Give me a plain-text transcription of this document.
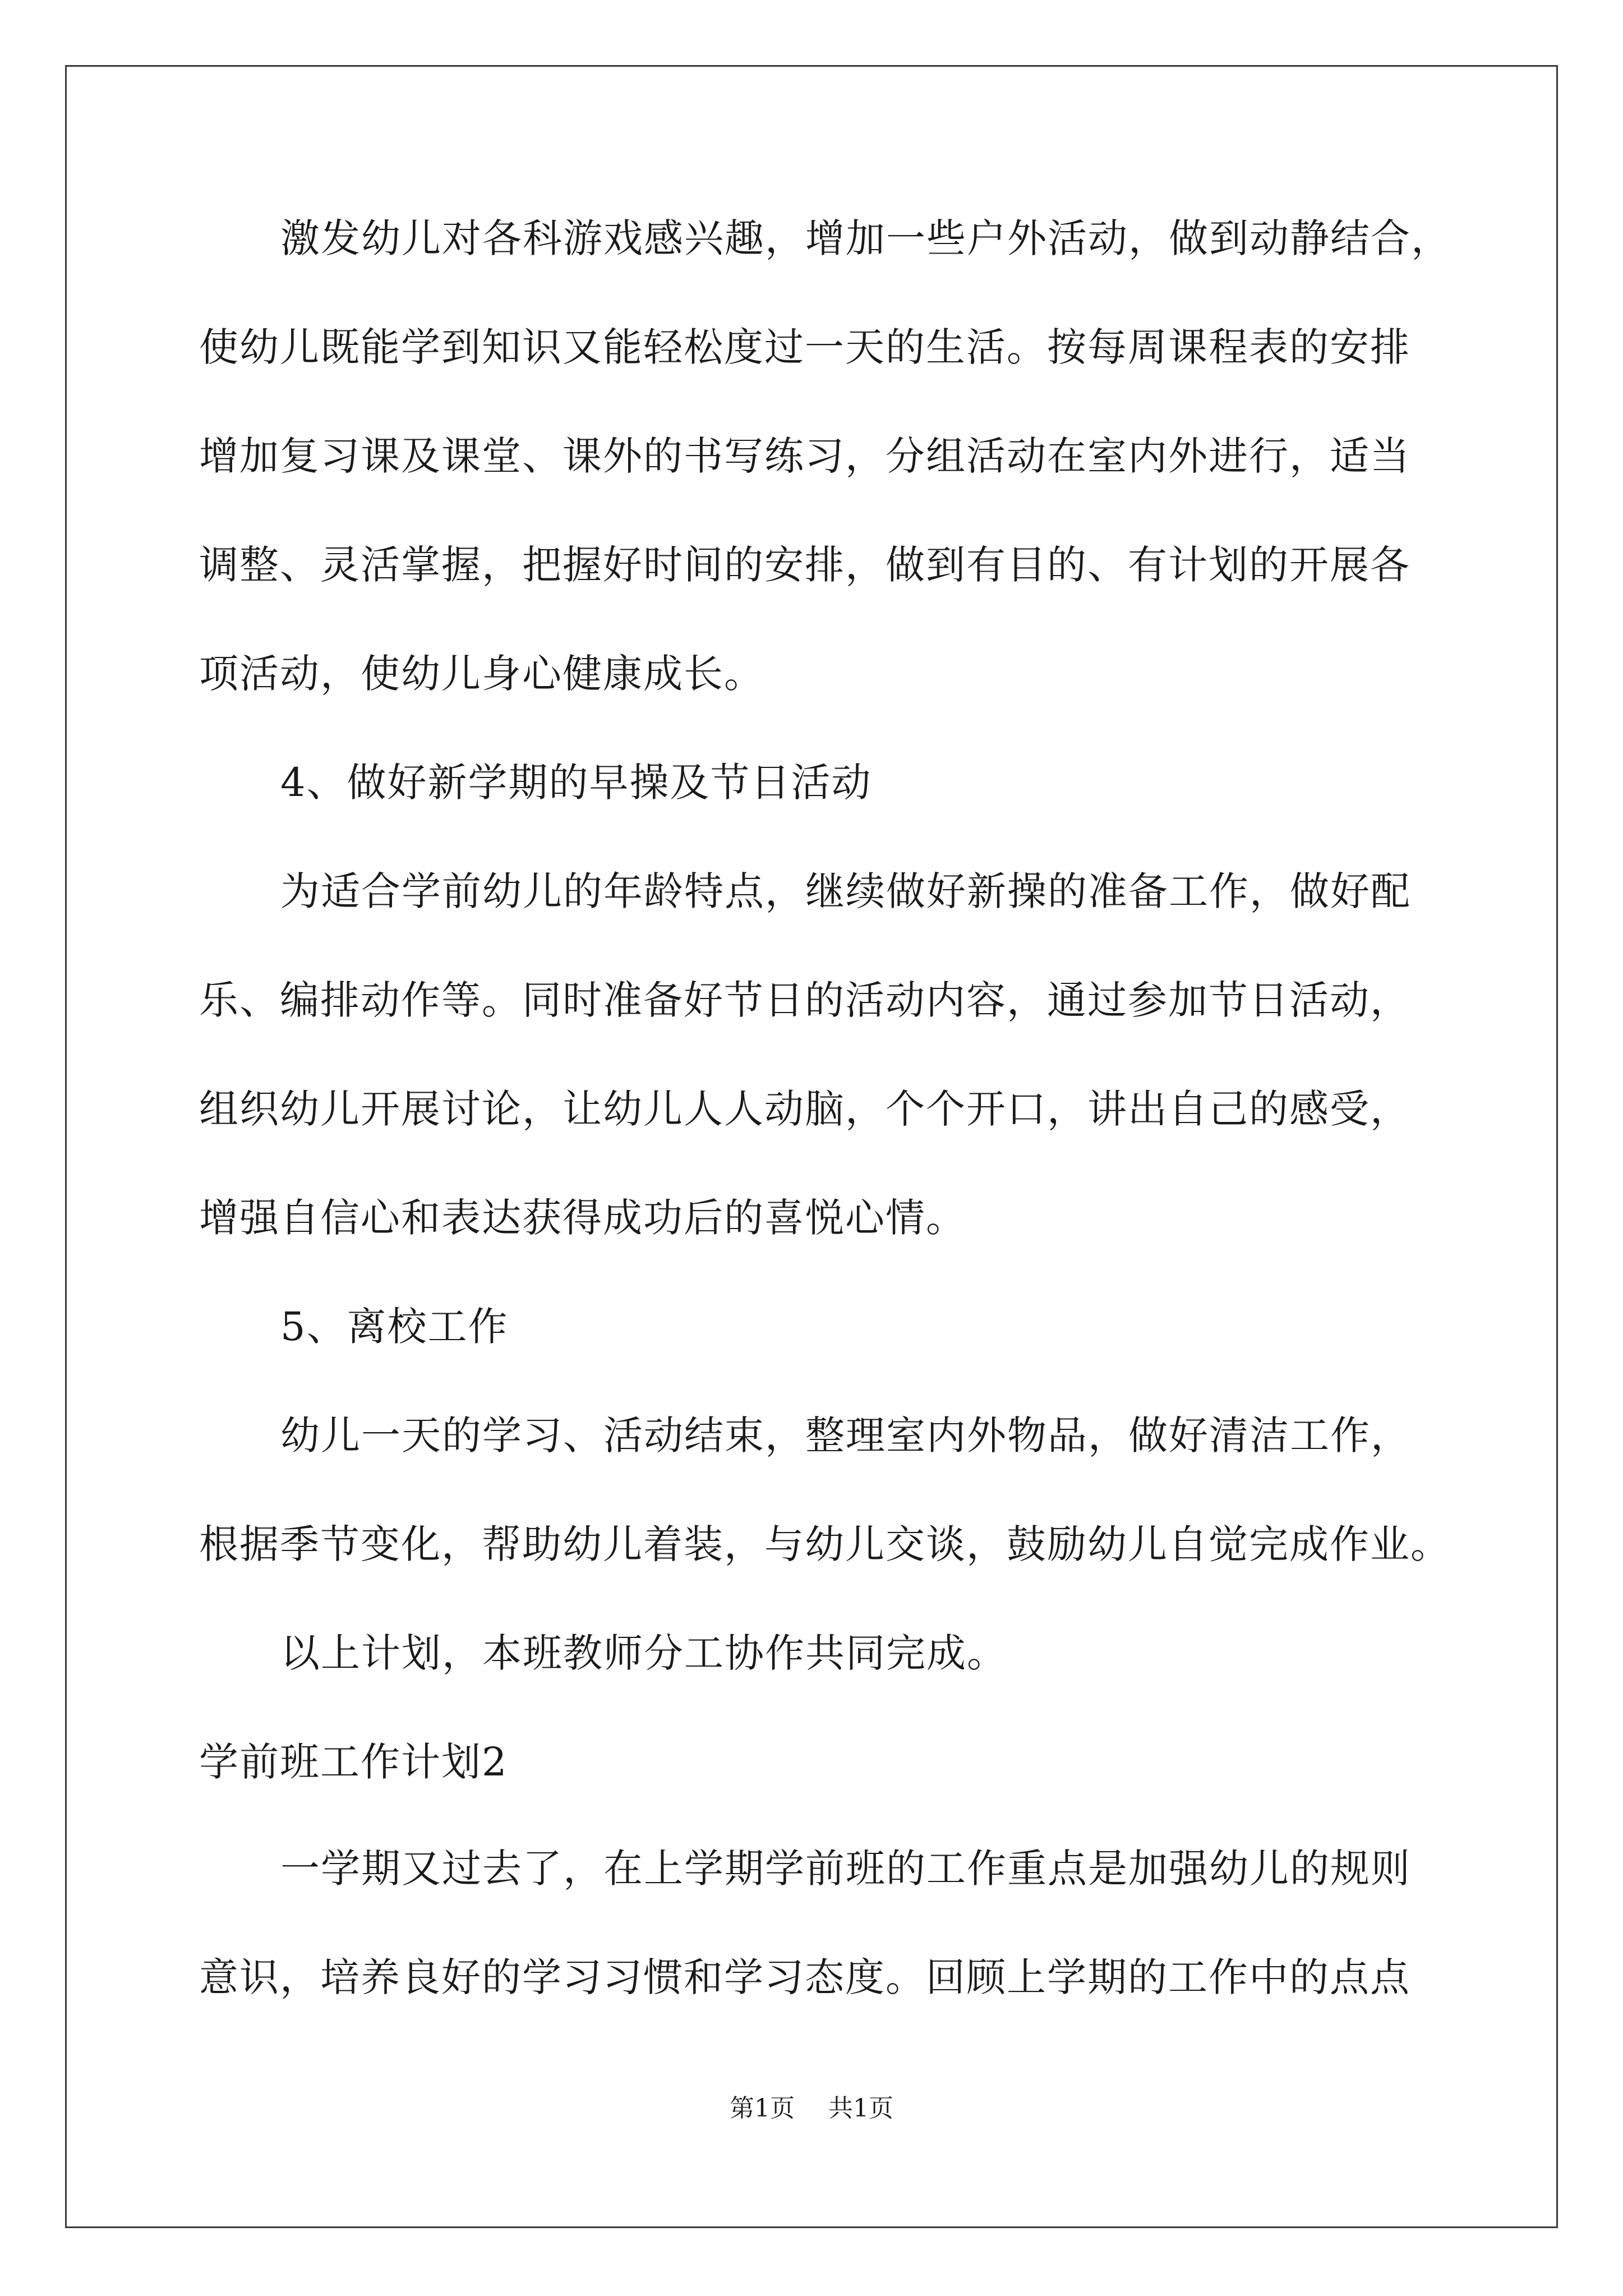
激发幼儿对各科游戏感兴趣，增加一些户外活动，做到动静结合，
使幼儿既能学到知识又能轻松度过一天的生活。按每周课程表的安排
增加复习课及课堂、课外的书写练习，分组活动在室内外进行，适当
调整、灵活掌握，把握好时间的安排，做到有目的、有计划的开展各
项活动，使幼儿身心健康成长。
4、做好新学期的早操及节日活动
为适合学前幼儿的年龄特点，继续做好新操的准备工作，做好配
乐、编排动作等。同时准备好节日的活动内容，通过参加节日活动，
组织幼儿开展讨论，让幼儿人人动脑，个个开口，讲出自己的感受，
增强自信心和表达获得成功后的喜悦心情。
5、离校工作
幼儿一天的学习、活动结束，整理室内外物品，做好清洁工作，
根据季节变化，帮助幼儿着装，与幼儿交谈，鼓励幼儿自觉完成作业。
以上计划，本班教师分工协作共同完成。
学前班工作计划2
一学期又过去了，在上学期学前班的工作重点是加强幼儿的规则
意识，培养良好的学习习惯和学习态度。回顾上学期的工作中的点点
第1页 共1页
